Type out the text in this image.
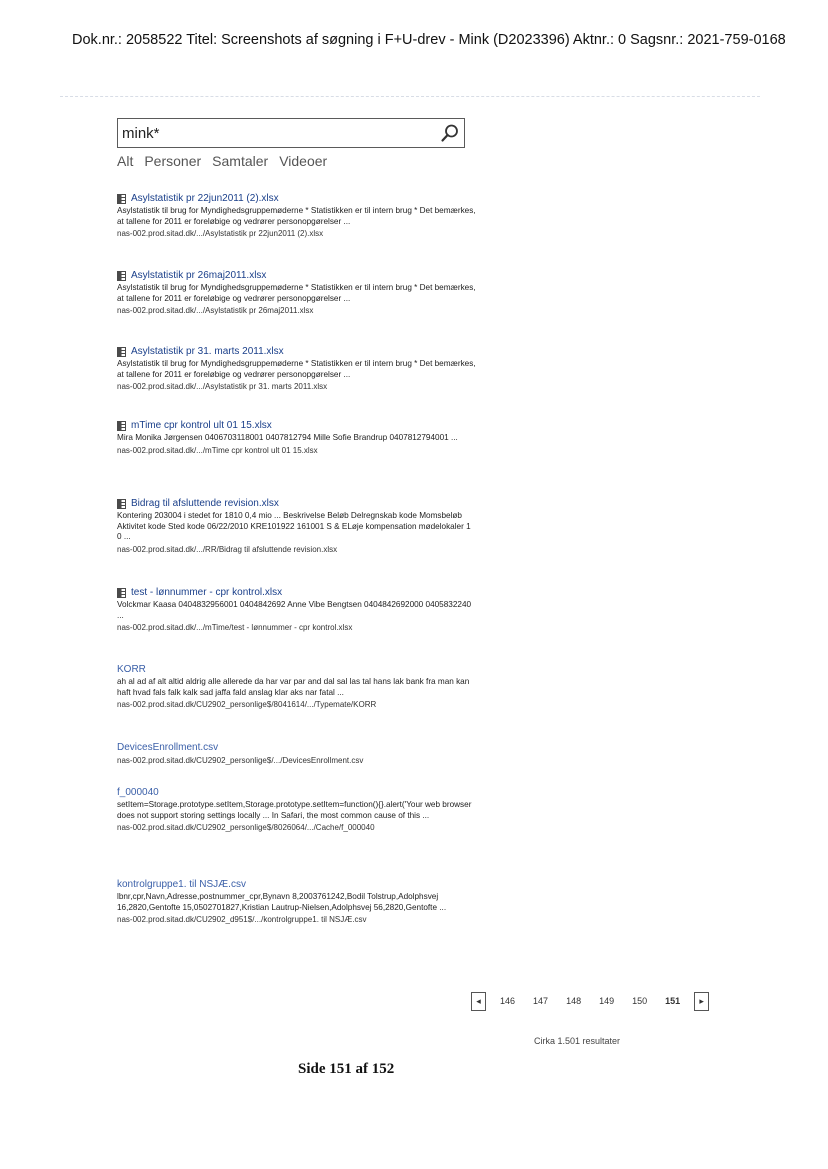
Dok.nr.: 2058522 Titel: Screenshots af søgning i F+U-drev - Mink (D2023396) Aktnr.: 0 Sagsnr.: 2021-759-0168
mink*
Alt Personer Samtaler Videoer
Asylstatistik pr 22jun2011 (2).xlsx
Asylstatistik til brug for Myndighedsgruppemøderne * Statistikken er til intern brug * Det bemærkes, at tallene for 2011 er foreløbige og vedrører personopgørelser ...
nas-002.prod.sitad.dk/.../Asylstatistik pr 22jun2011 (2).xlsx
Asylstatistik pr 26maj2011.xlsx
Asylstatistik til brug for Myndighedsgruppemøderne * Statistikken er til intern brug * Det bemærkes, at tallene for 2011 er foreløbige og vedrører personopgørelser ...
nas-002.prod.sitad.dk/.../Asylstatistik pr 26maj2011.xlsx
Asylstatistik pr 31. marts 2011.xlsx
Asylstatistik til brug for Myndighedsgruppemøderne * Statistikken er til intern brug * Det bemærkes, at tallene for 2011 er foreløbige og vedrører personopgørelser ...
nas-002.prod.sitad.dk/.../Asylstatistik pr 31. marts 2011.xlsx
mTime cpr kontrol ult 01 15.xlsx
Mira Monika Jørgensen 0406703118001 0407812794 Mille Sofie Brandrup 0407812794001 ...
nas-002.prod.sitad.dk/.../mTime cpr kontrol ult 01 15.xlsx
Bidrag til afsluttende revision.xlsx
Kontering 203004 i stedet for 1810 0,4 mio ... Beskrivelse Beløb Delregnskab kode Momsbeløb Aktivitet kode Sted kode 06/22/2010 KRE101922 161001 S & ELøje kompensation mødelokaler 1 0 ...
nas-002.prod.sitad.dk/.../RR/Bidrag til afsluttende revision.xlsx
test - lønnummer - cpr kontrol.xlsx
Volckmar Kaasa 0404832956001 0404842692 Anne Vibe Bengtsen 0404842692000 0405832240 ...
nas-002.prod.sitad.dk/.../mTime/test - lønnummer - cpr kontrol.xlsx
KORR
ah al ad af alt altid aldrig alle allerede da har var par and dal sal las tal hans lak bank fra man kan haft hvad fals falk kalk sad jaffa fald anslag klar aks nar fatal ...
nas-002.prod.sitad.dk/CU2902_personlige$/8041614/.../Typemate/KORR
DevicesEnrollment.csv
nas-002.prod.sitad.dk/CU2902_personlige$/.../DevicesEnrollment.csv
f_000040
setItem=Storage.prototype.setItem,Storage.prototype.setItem=function(){}.alert('Your web browser does not support storing settings locally ... In Safari, the most common cause of this ...
nas-002.prod.sitad.dk/CU2902_personlige$/8026064/.../Cache/f_000040
kontrolgruppe1. til NSJÆ.csv
lbnr,cpr,Navn,Adresse,postnummer_cpr,Bynavn 8,2003761242,Bodil Tolstrup,Adolphsvej 16,2820,Gentofte 15,0502701827,Kristian Lautrup-Nielsen,Adolphsvej 56,2820,Gentofte ...
nas-002.prod.sitad.dk/CU2902_d951$/.../kontrolgruppe1. til NSJÆ.csv
◂ 146 147 148 149 150 151 ▸
Cirka 1.501 resultater
Side 151 af 152
